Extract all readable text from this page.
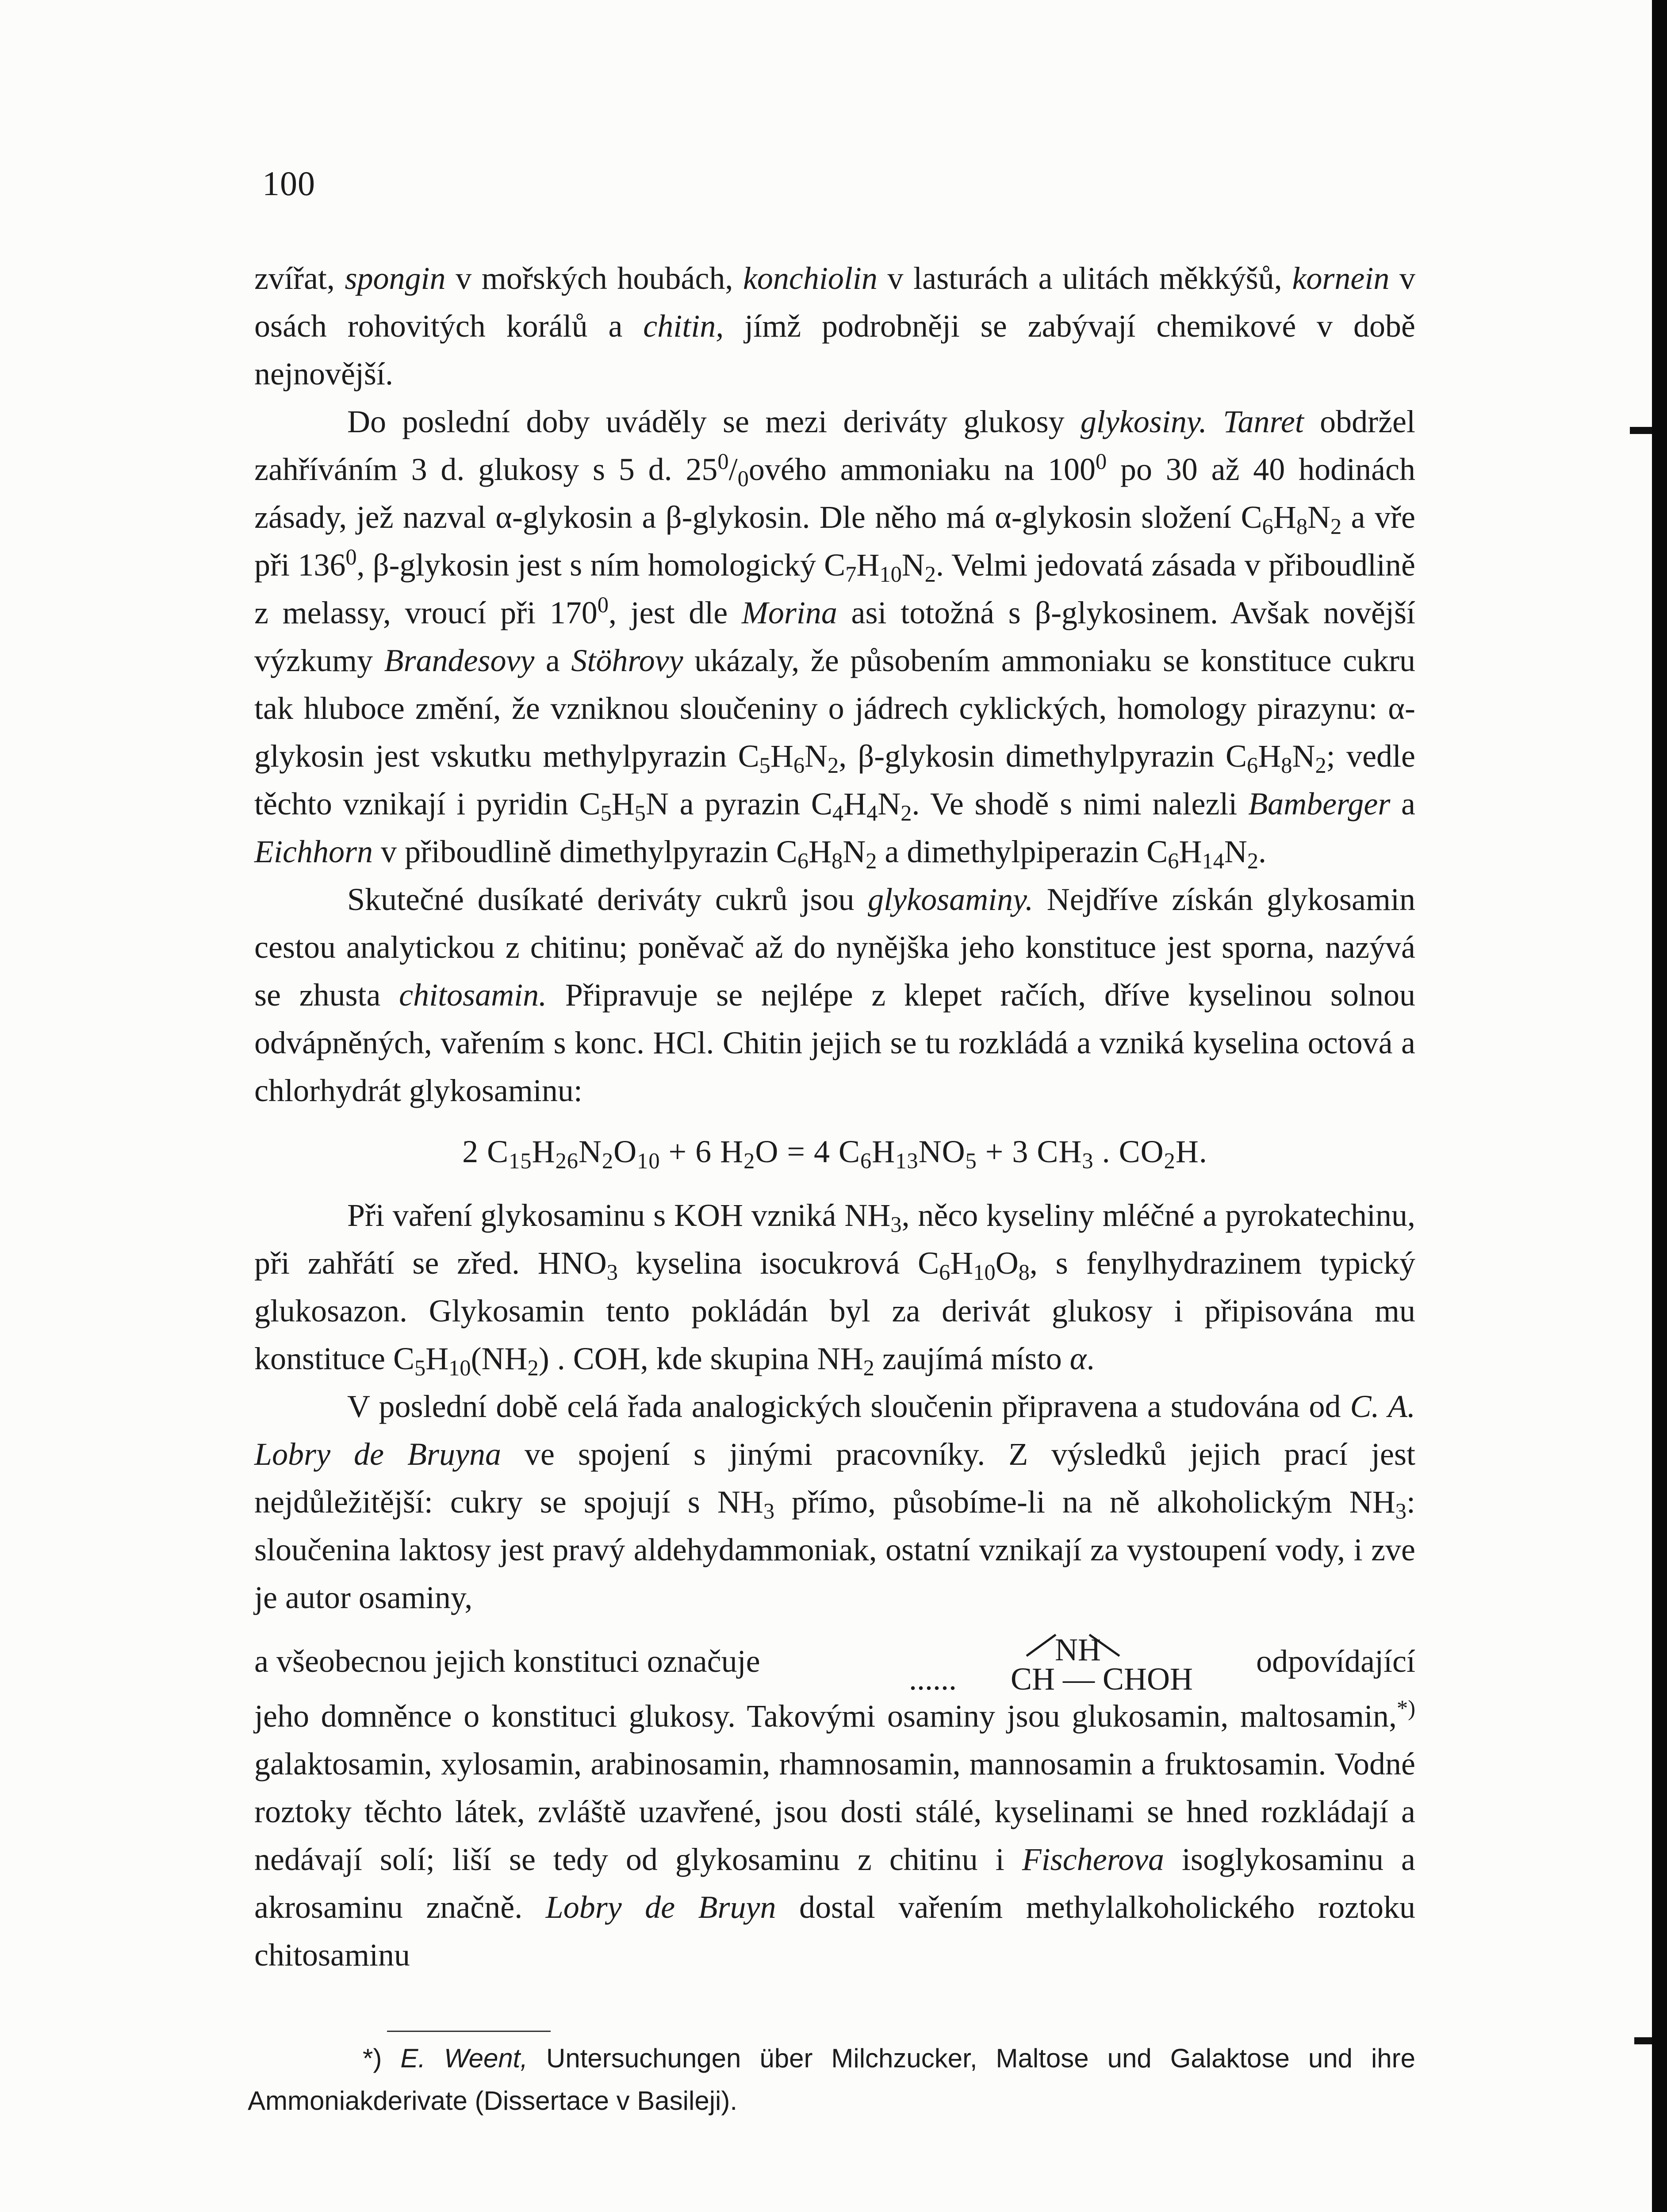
100

zvířat, spongin v mořských houbách, konchiolin v lasturách a ulitách měkkýšů, kornein v osách rohovitých korálů a chitin, jímž podrobněji se zabývají chemikové v době nejnovější.

Do poslední doby uváděly se mezi deriváty glukosy glykosiny. Tanret obdržel zahříváním 3 d. glukosy s 5 d. $25^0/_0ového$ ammoniaku na $100^0$ po 30 až 40 hodinách zásady, jež nazval α-glykosin a β-glykosin. Dle něho má α-glykosin složení $C_6H_8N_2$ a vře při $136^0$, β-glykosin jest s ním homologický $C_7H_{10}N_2$. Velmi jedovatá zásada v přiboudlině z melassy, vroucí při $170^0$, jest dle Morina asi totožná s β-glykosinem. Avšak novější výzkumy Brandesovy a Stöhrovy ukázaly, že působením ammoniaku se konstituce cukru tak hluboce změní, že vzniknou sloučeniny o jádrech cyklických, homology pirazynu: α-glykosin jest vskutku methylpyrazin $C_5H_6N_2$, β-glykosin dimethylpyrazin $C_6H_8N_2$; vedle těchto vznikají i pyridin $C_5H_5N$ a pyrazin $C_4H_4N_2$. Ve shodě s nimi nalezli Bamberger a Eichhorn v přiboudlině dimethylpyrazin $C_6H_8N_2$ a dimethylpiperazin $C_6H_{14}N_2$.

Skutečné dusíkaté deriváty cukrů jsou glykosaminy. Nejdříve získán glykosamin cestou analytickou z chitinu; poněvač až do nynějška jeho konstituce jest sporna, nazývá se zhusta chitosamin. Připravuje se nejlépe z klepet račích, dříve kyselinou solnou odvápněných, vařením s konc. HCl. Chitin jejich se tu rozkládá a vzniká kyselina octová a chlorhydrát glykosaminu:

2 $C_{15}H_{26}N_2O_{10} + 6$ $H_2O = 4$ $C_6H_{13}NO_5 + 3$ $CH_3$ . $CO_2H$.

Při vaření glykosaminu s KOH vzniká $NH_3$, něco kyseliny mléčné a pyrokatechinu, při zahřátí se zřed. $HNO_3$ kyselina isocukrová $C_6H_{10}O_8$, s fenylhydrazinem typický glukosazon. Glykosamin tento pokládán byl za derivát glukosy i připisována mu konstituce $C_5H_{10}(NH_2)$ . COH, kde skupina $NH_2$ zaujímá místo α.

V poslední době celá řada analogických sloučenin připravena a studována od C. A. Lobry de Bruyna ve spojení s jinými pracovníky. Z výsledků jejich prací jest nejdůležitější: cukry se spojují s $NH_3$ přímo, působíme-li na ně alkoholickým $NH_3$: sloučenina laktosy jest pravý aldehydammoniak, ostatní vznikají za vystoupení vody, i zve je autor osaminy,

a všeobecnou jejich konstituci označuje	......
NH
CH — CHOH odpovídající

jeho domněnce o konstituci glukosy. Takovými osaminy jsou glukosamin, maltosamin,*) galaktosamin, xylosamin, arabinosamin, rhamnosamin, mannosamin a fruktosamin. Vodné roztoky těchto látek, zvláště uzavřené, jsou dosti stálé, kyselinami se hned rozkládají a nedávají solí; liší se tedy od glykosaminu z chitinu i Fischerova isoglykosaminu a akrosaminu značně. Lobry de Bruyn dostal vařením methylalkoholického roztoku chitosaminu

*) E. Weent, Untersuchungen über Milchzucker, Maltose und Galaktose und ihre Ammoniakderivate (Dissertace v Basileji).
